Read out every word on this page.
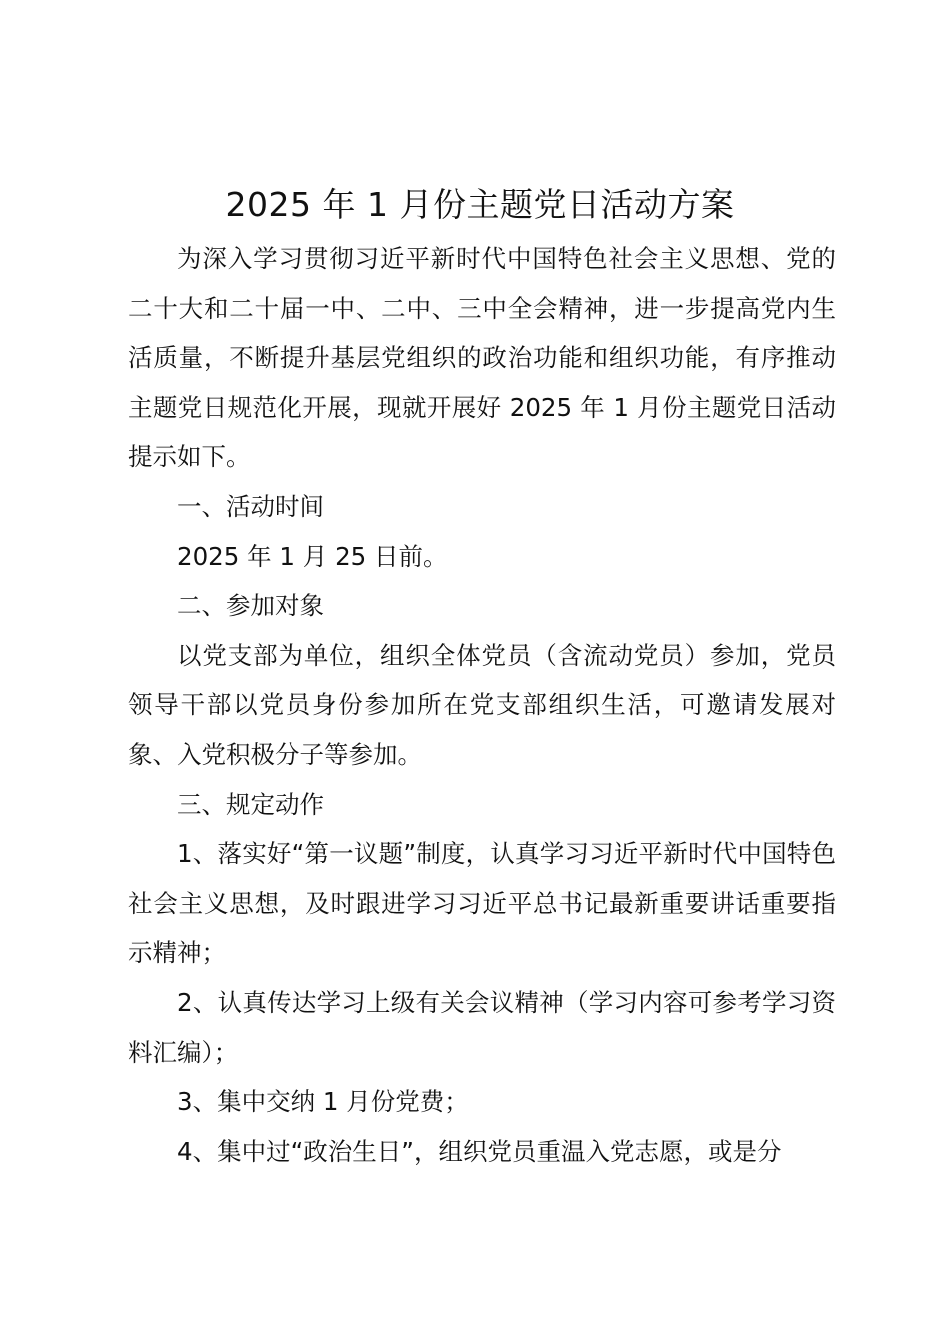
2025 年 1 月份主题党日活动方案

为深入学习贯彻习近平新时代中国特色社会主义思想、党的二十大和二十届一中、二中、三中全会精神，进一步提高党内生活质量，不断提升基层党组织的政治功能和组织功能，有序推动主题党日规范化开展，现就开展好 2025 年 1 月份主题党日活动提示如下。

一、活动时间

2025 年 1 月 25 日前。

二、参加对象

以党支部为单位，组织全体党员（含流动党员）参加，党员领导干部以党员身份参加所在党支部组织生活，可邀请发展对象、入党积极分子等参加。

三、规定动作

1、落实好“第一议题”制度，认真学习习近平新时代中国特色社会主义思想，及时跟进学习习近平总书记最新重要讲话重要指示精神；

2、认真传达学习上级有关会议精神（学习内容可参考学习资料汇编）；

3、集中交纳 1 月份党费；

4、集中过“政治生日”，组织党员重温入党志愿，或是分
